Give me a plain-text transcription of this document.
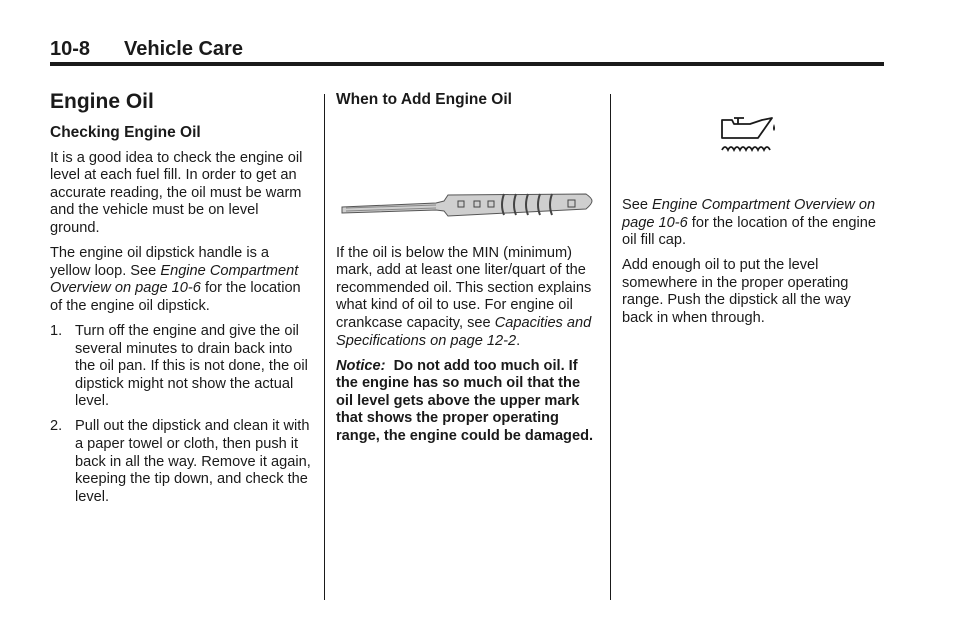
10-8 Vehicle Care
Engine Oil
Checking Engine Oil

It is a good idea to check the engine oil level at each fuel fill. In order to get an accurate reading, the oil must be warm and the vehicle must be on level ground.

The engine oil dipstick handle is a yellow loop. See Engine Compartment Overview on page 10-6 for the location of the engine oil dipstick.

1. Turn off the engine and give the oil several minutes to drain back into the oil pan. If this is not done, the oil dipstick might not show the actual level.
2. Pull out the dipstick and clean it with a paper towel or cloth, then push it back in all the way. Remove it again, keeping the tip down, and check the level.
When to Add Engine Oil

If the oil is below the MIN (minimum) mark, add at least one liter/quart of the recommended oil. This section explains what kind of oil to use. For engine oil crankcase capacity, see Capacities and Specifications on page 12-2.

Notice: Do not add too much oil. If the engine has so much oil that the oil level gets above the upper mark that shows the proper operating range, the engine could be damaged.

See Engine Compartment Overview on page 10-6 for the location of the engine oil fill cap.

Add enough oil to put the level somewhere in the proper operating range. Push the dipstick all the way back in when through.
